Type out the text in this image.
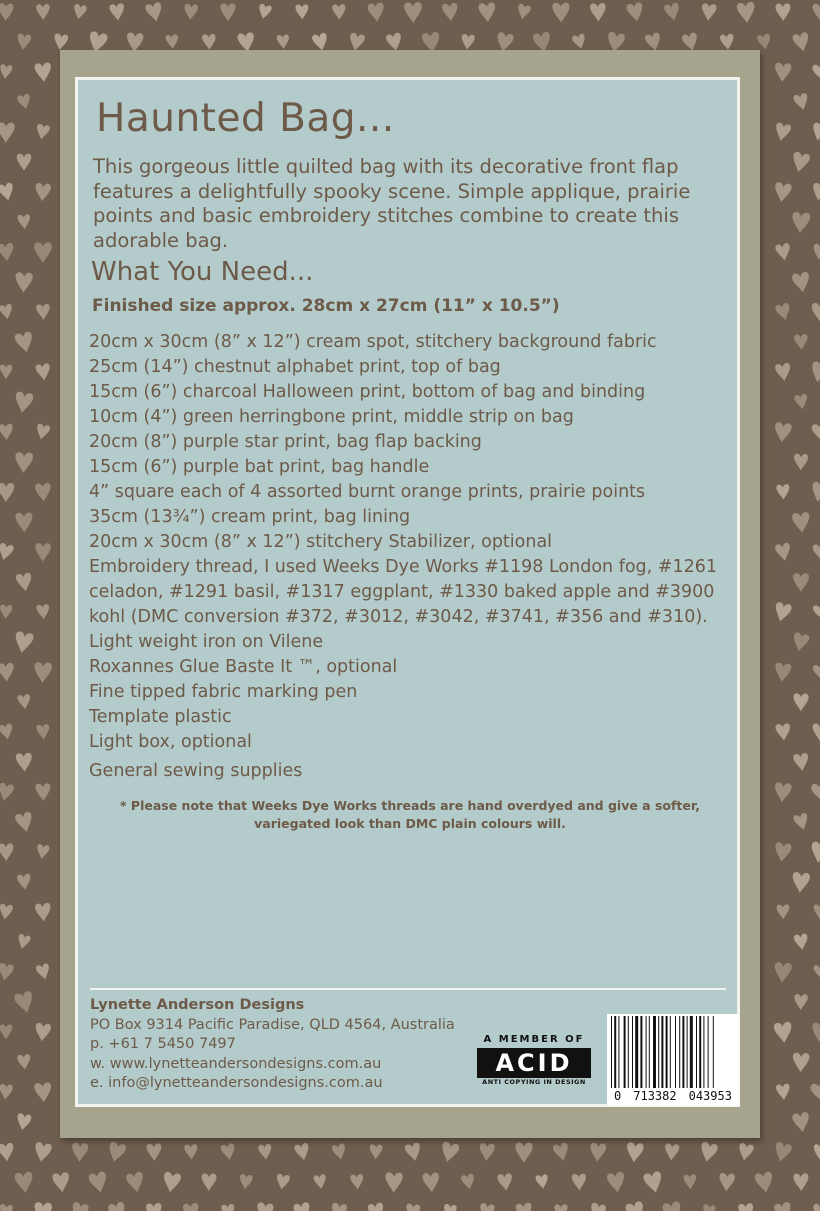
Haunted Bag...

This gorgeous little quilted bag with its decorative front flap features a delightfully spooky scene. Simple applique, prairie points and basic embroidery stitches combine to create this adorable bag.

What You Need...

Finished size approx. 28cm x 27cm (11” x 10.5”)

20cm x 30cm (8” x 12”) cream spot, stitchery background fabric
25cm (14”) chestnut alphabet print, top of bag
15cm (6”) charcoal Halloween print, bottom of bag and binding
10cm (4”) green herringbone print, middle strip on bag
20cm (8”) purple star print, bag flap backing
15cm (6”) purple bat print, bag handle
4” square each of 4 assorted burnt orange prints, prairie points
35cm (13¾”) cream print, bag lining
20cm x 30cm (8” x 12”) stitchery Stabilizer, optional
Embroidery thread, I used Weeks Dye Works #1198 London fog, #1261 celadon, #1291 basil, #1317 eggplant, #1330 baked apple and #3900 kohl (DMC conversion #372, #3012, #3042, #3741, #356 and #310).
Light weight iron on Vilene
Roxannes Glue Baste It ™, optional
Fine tipped fabric marking pen
Template plastic
Light box, optional
General sewing supplies

* Please note that Weeks Dye Works threads are hand overdyed and give a softer, variegated look than DMC plain colours will.

Lynette Anderson Designs
PO Box 9314 Pacific Paradise, QLD 4564, Australia
p. +61 7 5450 7497
w. www.lynetteandersondesigns.com.au
e. info@lynetteandersondesigns.com.au
A MEMBER OF
ACID
ANTI COPYING IN DESIGN
0 713382 043953
